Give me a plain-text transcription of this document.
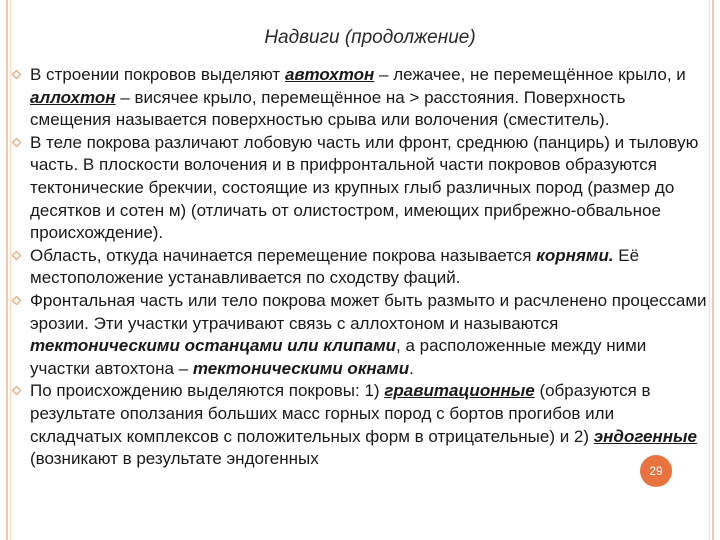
Надвиги (продолжение)
В строении покровов выделяют автохтон – лежачее, не перемещённое крыло, и аллохтон – висячее крыло, перемещённое на > расстояния. Поверхность смещения называется поверхностью срыва или волочения (сместитель).
В теле покрова различают лобовую часть или фронт, среднюю (панцирь) и тыловую часть. В плоскости волочения и в прифронтальной части покровов образуются тектонические брекчии, состоящие из крупных глыб различных пород (размер до десятков и сотен м) (отличать от олистостром, имеющих прибрежно-обвальное происхождение).
Область, откуда начинается перемещение покрова называется корнями. Её местоположение устанавливается по сходству фаций.
Фронтальная часть или тело покрова может быть размыто и расчленено процессами эрозии. Эти участки утрачивают связь с аллохтоном и называются тектоническими останцами или клипами, а расположенные между ними участки автохтона – тектоническими окнами.
По происхождению выделяются покровы: 1) гравитационные (образуются в результате оползания больших масс горных пород с бортов прогибов или складчатых комплексов с положительных форм в отрицательные) и 2) эндогенные (возникают в результате эндогенных
29
